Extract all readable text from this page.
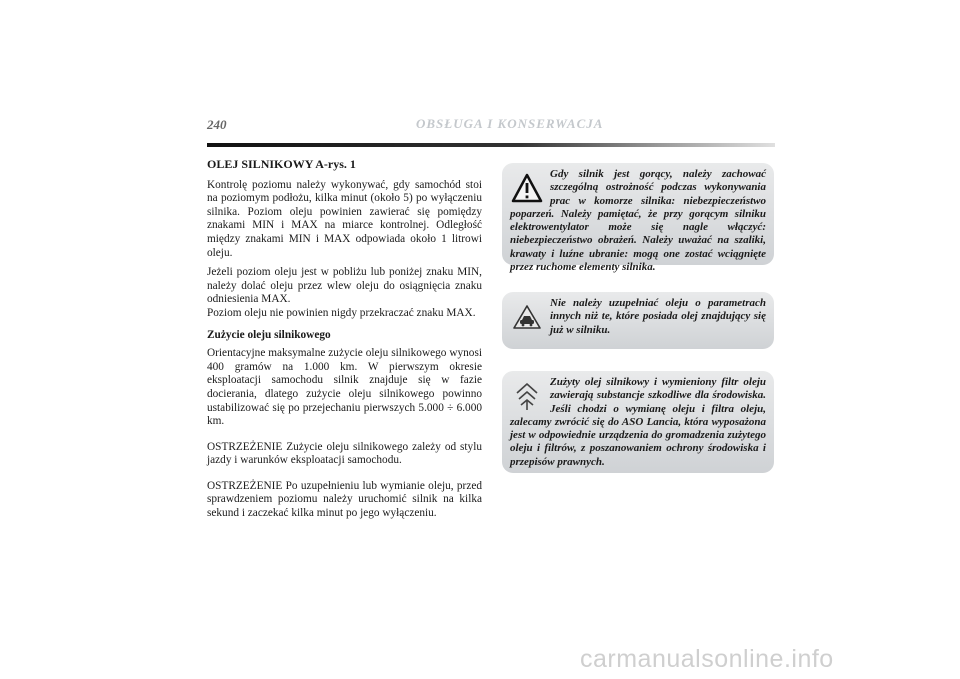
240	OBSŁUGA I KONSERWACJA
OLEJ SILNIKOWY A-rys. 1

Kontrolę poziomu należy wykonywać, gdy samochód stoi na poziomym podłożu, kilka minut (około 5) po wyłączeniu silnika. Poziom oleju powinien zawierać się pomiędzy znakami MIN i MAX na miarce kontrolnej. Odległość między znakami MIN i MAX odpowiada około 1 litrowi oleju.

Jeżeli poziom oleju jest w pobliżu lub poniżej znaku MIN, należy dolać oleju przez wlew oleju do osiągnięcia znaku odniesienia MAX.

Poziom oleju nie powinien nigdy przekraczać znaku MAX.

Zużycie oleju silnikowego

Orientacyjne maksymalne zużycie oleju silnikowego wynosi 400 gramów na 1.000 km. W pierwszym okresie eksploatacji samochodu silnik znajduje się w fazie docierania, dlatego zużycie oleju silnikowego powinno ustabilizować się po przejechaniu pierwszych 5.000 ÷ 6.000 km.

OSTRZEŻENIE Zużycie oleju silnikowego zależy od stylu jazdy i warunków eksploatacji samochodu.

OSTRZEŻENIE Po uzupełnieniu lub wymianie oleju, przed sprawdzeniem poziomu należy uruchomić silnik na kilka sekund i zaczekać kilka minut po jego wyłączeniu.

Gdy silnik jest gorący, należy zachować szczególną ostrożność podczas wykonywania prac w komorze silnika: niebezpieczeństwo poparzeń. Należy pamiętać, że przy gorącym silniku elektrowentylator może się nagle włączyć: niebezpieczeństwo obrażeń. Należy uważać na szaliki, krawaty i luźne ubranie: mogą one zostać wciągnięte przez ruchome elementy silnika.

Nie należy uzupełniać oleju o parametrach innych niż te, które posiada olej znajdujący się już w silniku.

Zużyty olej silnikowy i wymieniony filtr oleju zawierają substancje szkodliwe dla środowiska. Jeśli chodzi o wymianę oleju i filtra oleju, zalecamy zwrócić się do ASO Lancia, która wyposażona jest w odpowiednie urządzenia do gromadzenia zużytego oleju i filtrów, z poszanowaniem ochrony środowiska i przepisów prawnych.

carmanualsonline.info
